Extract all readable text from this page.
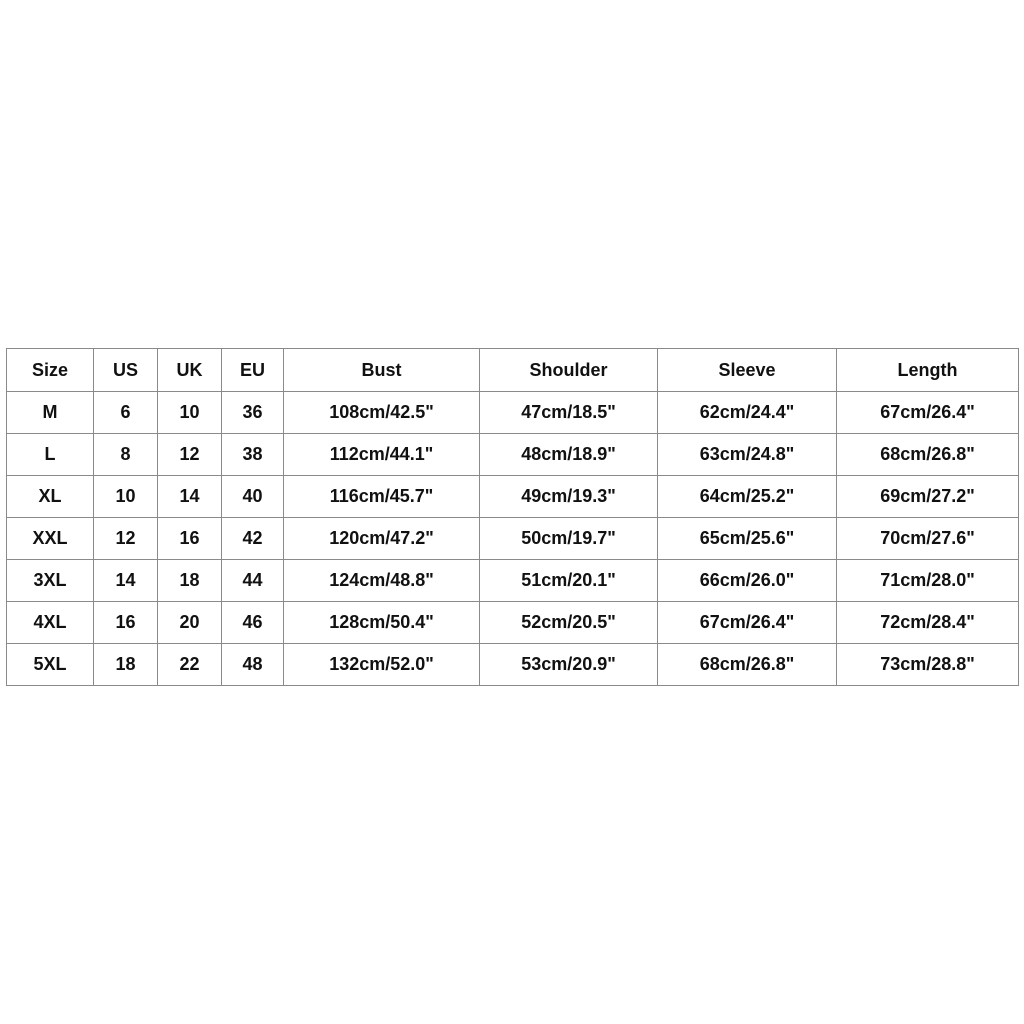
Size	US	UK	EU	Bust	Shoulder	Sleeve	Length
M	6	10	36	108cm/42.5"	47cm/18.5"	62cm/24.4"	67cm/26.4"
L	8	12	38	112cm/44.1"	48cm/18.9"	63cm/24.8"	68cm/26.8"
XL	10	14	40	116cm/45.7"	49cm/19.3"	64cm/25.2"	69cm/27.2"
XXL	12	16	42	120cm/47.2"	50cm/19.7"	65cm/25.6"	70cm/27.6"
3XL	14	18	44	124cm/48.8"	51cm/20.1"	66cm/26.0"	71cm/28.0"
4XL	16	20	46	128cm/50.4"	52cm/20.5"	67cm/26.4"	72cm/28.4"
5XL	18	22	48	132cm/52.0"	53cm/20.9"	68cm/26.8"	73cm/28.8"
